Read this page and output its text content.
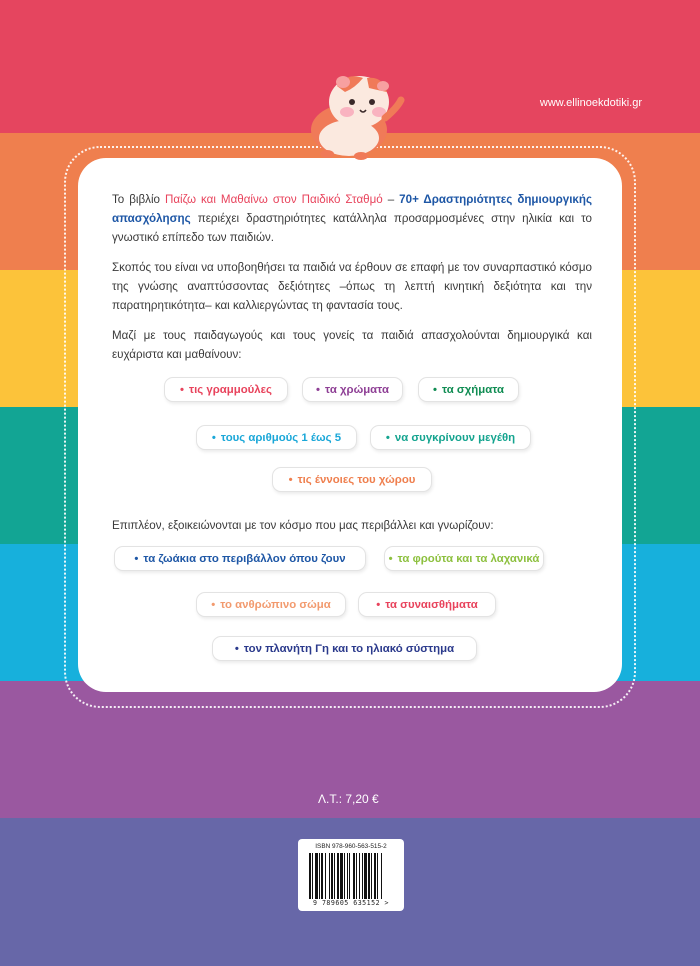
www.ellinoekdotiki.gr
Το βιβλίο Παίζω και Μαθαίνω στον Παιδικό Σταθμό – 70+ Δραστηριότητες δημιουργικής απασχόλησης περιέχει δραστηριότητες κατάλληλα προσαρμοσμένες στην ηλικία και το γνωστικό επίπεδο των παιδιών.
Σκοπός του είναι να υποβοηθήσει τα παιδιά να έρθουν σε επαφή με τον συναρπαστικό κόσμο της γνώσης αναπτύσσοντας δεξιότητες –όπως τη λεπτή κινητική δεξιότητα και την παρατηρητικότητα– και καλλιεργώντας τη φαντασία τους.
Μαζί με τους παιδαγωγούς και τους γονείς τα παιδιά απασχολούνται δημιουργικά και ευχάριστα και μαθαίνουν:
• τις γραμμούλες	• τα χρώματα	• τα σχήματα
• τους αριθμούς 1 έως 5	• να συγκρίνουν μεγέθη
• τις έννοιες του χώρου
Επιπλέον, εξοικειώνονται με τον κόσμο που μας περιβάλλει και γνωρίζουν:
• τα ζωάκια στο περιβάλλον όπου ζουν	• τα φρούτα και τα λαχανικά
• το ανθρώπινο σώμα	• τα συναισθήματα
• τον πλανήτη Γη και το ηλιακό σύστημα
Λ.Τ.: 7,20 €
ISBN 978-960-563-515-2
9 789605 635152 >
